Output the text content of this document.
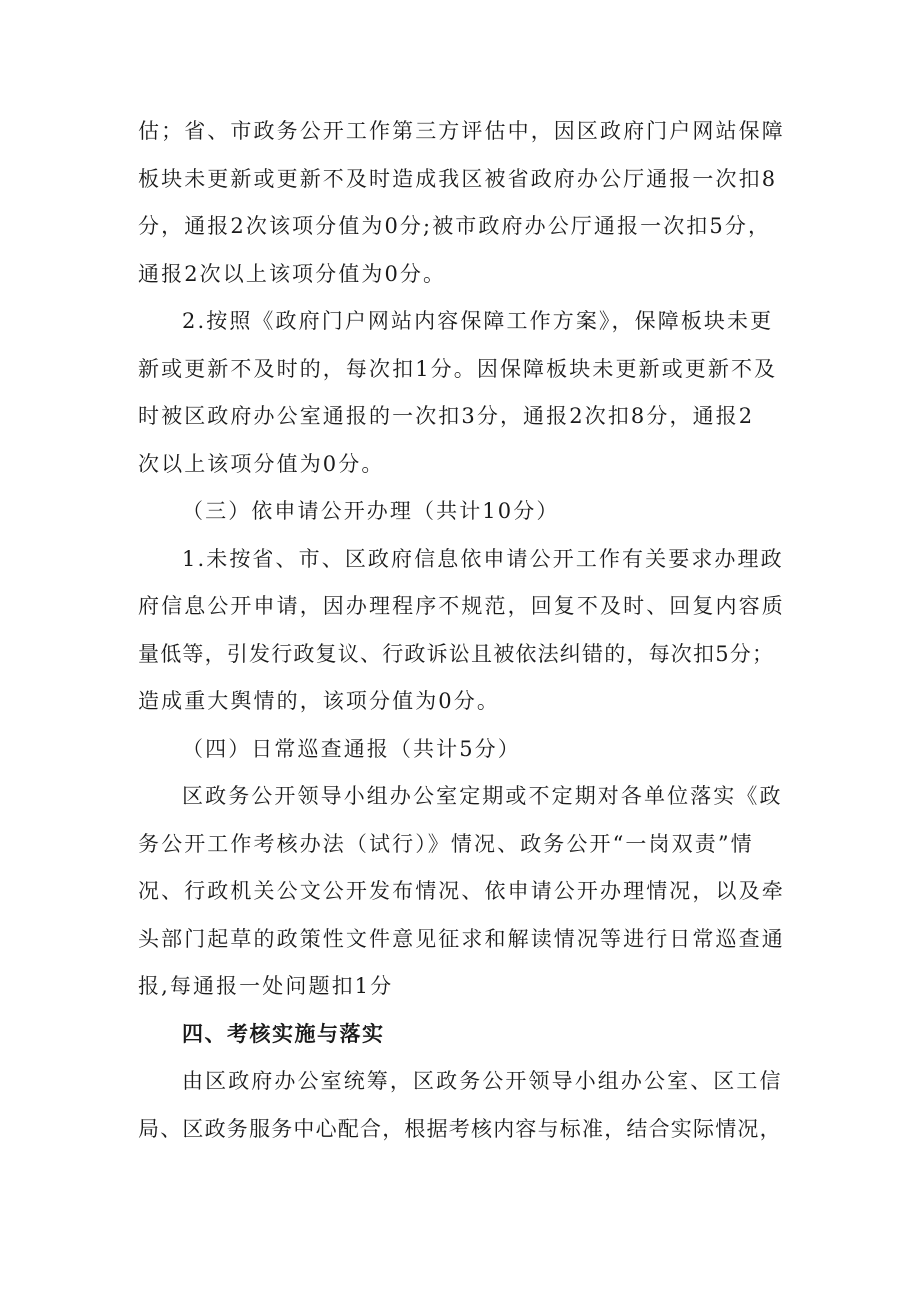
估；省、市政务公开工作第三方评估中，因区政府门户网站保障
板块未更新或更新不及时造成我区被省政府办公厅通报一次扣8
分，通报2次该项分值为0分;被市政府办公厅通报一次扣5分，
通报2次以上该项分值为0分。
2.按照《政府门户网站内容保障工作方案》，保障板块未更
新或更新不及时的，每次扣1分。因保障板块未更新或更新不及
时被区政府办公室通报的一次扣3分，通报2次扣8分，通报2
次以上该项分值为0分。
（三）依申请公开办理（共计10分）
1.未按省、市、区政府信息依申请公开工作有关要求办理政
府信息公开申请，因办理程序不规范，回复不及时、回复内容质
量低等，引发行政复议、行政诉讼且被依法纠错的，每次扣5分；
造成重大舆情的，该项分值为0分。
（四）日常巡查通报（共计5分）
区政务公开领导小组办公室定期或不定期对各单位落实《政
务公开工作考核办法（试行）》情况、政务公开“一岗双责”情
况、行政机关公文公开发布情况、依申请公开办理情况，以及牵
头部门起草的政策性文件意见征求和解读情况等进行日常巡查通
报,每通报一处问题扣1分
四、考核实施与落实
由区政府办公室统筹，区政务公开领导小组办公室、区工信
局、区政务服务中心配合，根据考核内容与标准，结合实际情况，
